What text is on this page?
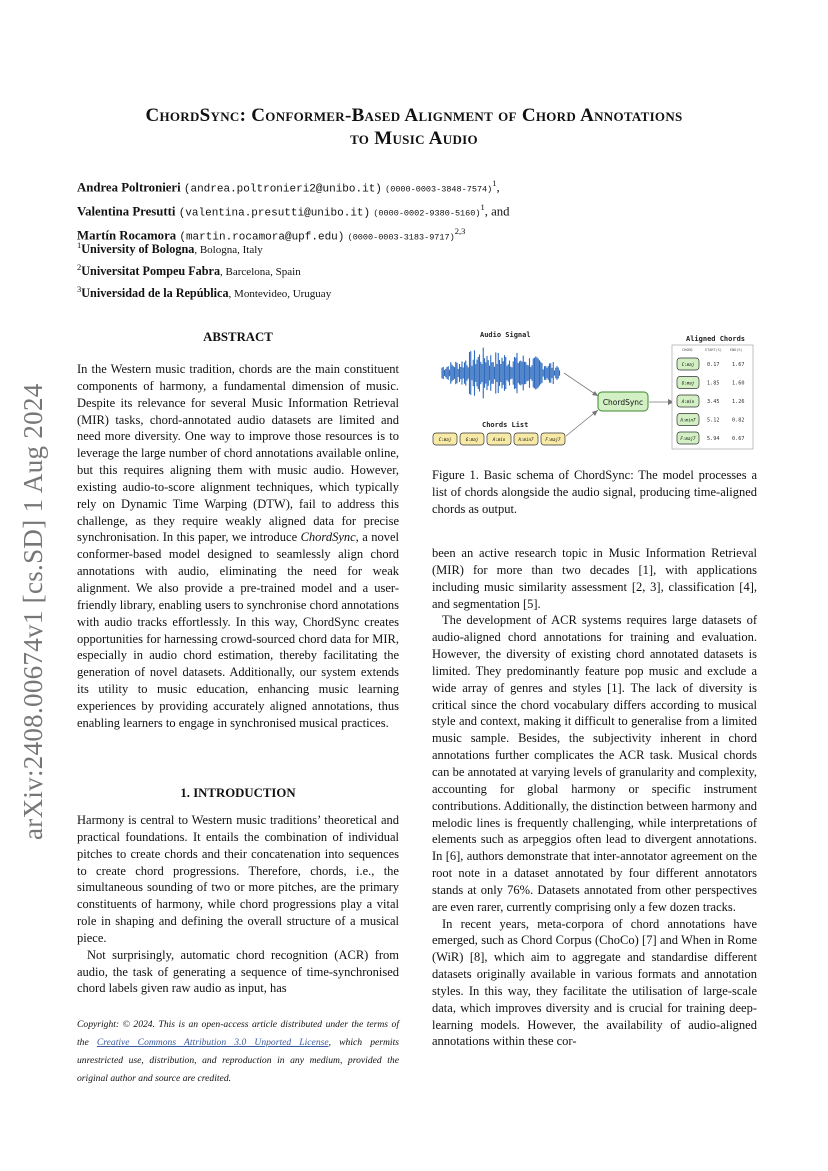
arXiv:2408.00674v1 [cs.SD] 1 Aug 2024
ChordSync: Conformer-Based Alignment of Chord Annotations
to Music Audio
Andrea Poltronieri (andrea.poltronieri2@unibo.it) $(0000-0003-3848-7574)^1$,
Valentina Presutti (valentina.presutti@unibo.it) $(0000-0002-9380-5160)^1$, and
Martín Rocamora (martin.rocamora@upf.edu) $(0000-0003-3183-9717)^{2,3}$
$^1$University of Bologna, Bologna, Italy
$^2$Universitat Pompeu Fabra, Barcelona, Spain
$^3$Universidad de la República, Montevideo, Uruguay
ABSTRACT

In the Western music tradition, chords are the main constituent components of harmony, a fundamental dimension of music. Despite its relevance for several Music Information Retrieval (MIR) tasks, chord-annotated audio datasets are limited and need more diversity. One way to improve those resources is to leverage the large number of chord annotations available online, but this requires aligning them with music audio. However, existing audio-to-score alignment techniques, which typically rely on Dynamic Time Warping (DTW), fail to address this challenge, as they require weakly aligned data for precise synchronisation. In this paper, we introduce ChordSync, a novel conformer-based model designed to seamlessly align chord annotations with audio, eliminating the need for weak alignment. We also provide a pre-trained model and a user-friendly library, enabling users to synchronise chord annotations with audio tracks effortlessly. In this way, ChordSync creates opportunities for harnessing crowd-sourced chord data for MIR, especially in audio chord estimation, thereby facilitating the generation of novel datasets. Additionally, our system extends its utility to music education, enhancing music learning experiences by providing accurately aligned annotations, thus enabling learners to engage in synchronised musical practices.

1. INTRODUCTION

Harmony is central to Western music traditions’ theoretical and practical foundations. It entails the combination of individual pitches to create chords and their concatenation into sequences to create chord progressions. Therefore, chords, i.e., the simultaneous sounding of two or more pitches, are the primary constituents of harmony, while chord progressions play a vital role in shaping and defining the overall structure of a musical piece.

Not surprisingly, automatic chord recognition (ACR) from audio, the task of generating a sequence of time-synchronised chord labels given raw audio as input, has

Copyright: © 2024. This is an open-access article distributed under the terms of the Creative Commons Attribution 3.0 Unported License, which permits unrestricted use, distribution, and reproduction in any medium, provided the original author and source are credited.
Audio Signal
Chords List
C:maj	G:maj	A:min	A:min7	F:maj7
ChordSync
Aligned Chords
CHORD	START(S) END(S)
C:maj 0.17 1.67
G:maj 1.85 1.60
A:min 3.45 1.26
A:min7 5.12 0.82
F:maj7 5.94 0.67
Figure 1. Basic schema of ChordSync: The model processes a list of chords alongside the audio signal, producing time-aligned chords as output.

been an active research topic in Music Information Retrieval (MIR) for more than two decades [1], with applications including music similarity assessment [2, 3], classification [4], and segmentation [5].

The development of ACR systems requires large datasets of audio-aligned chord annotations for training and evaluation. However, the diversity of existing chord annotated datasets is limited. They predominantly feature pop music and exclude a wide array of genres and styles [1]. The lack of diversity is critical since the chord vocabulary differs according to musical style and context, making it difficult to generalise from a limited music sample. Besides, the subjectivity inherent in chord annotations further complicates the ACR task. Musical chords can be annotated at varying levels of granularity and complexity, accounting for global harmony or specific instrument contributions. Additionally, the distinction between harmony and melodic lines is frequently challenging, while interpretations of elements such as arpeggios often lead to divergent annotations. In [6], authors demonstrate that inter-annotator agreement on the root note in a dataset annotated by four different annotators stands at only 76%. Datasets annotated from other perspectives are even rarer, currently comprising only a few dozen tracks.

In recent years, meta-corpora of chord annotations have emerged, such as Chord Corpus (ChoCo) [7] and When in Rome (WiR) [8], which aim to aggregate and standardise different datasets originally available in various formats and annotation styles. In this way, they facilitate the utilisation of large-scale data, which improves diversity and is crucial for training deep-learning models. However, the availability of audio-aligned annotations within these cor-
